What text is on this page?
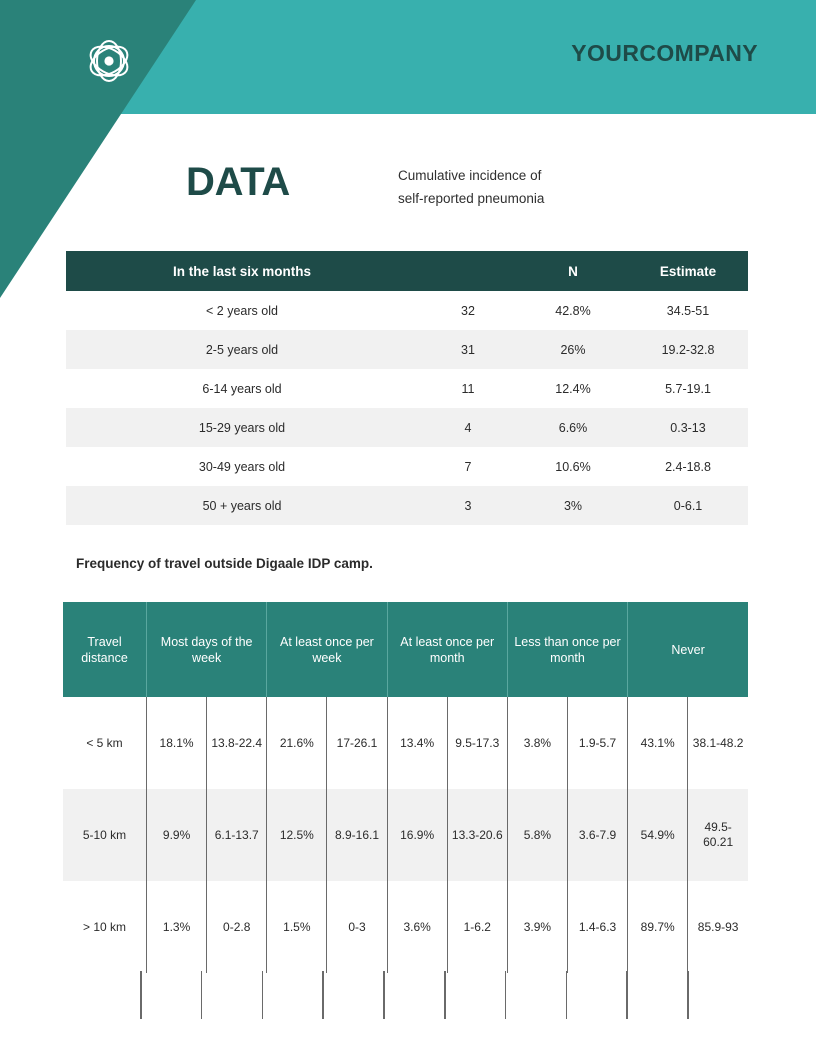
YOURCOMPANY
DATA	Cumulative incidence of
self-reported pneumonia
In the last six months		N	Estimate
< 2 years old	32	42.8%	34.5-51
2-5 years old	31	26%	19.2-32.8
6-14 years old	11	12.4%	5.7-19.1
15-29 years old	4	6.6%	0.3-13
30-49 years old	7	10.6%	2.4-18.8
50 + years old	3	3%	0-6.1
Frequency of travel outside Digaale IDP camp.
Travel distance	Most days of the week		At least once per week		At least once per month		Less than once per month		Never	
< 5 km	18.1%	13.8-22.4	21.6%	17-26.1	13.4%	9.5-17.3	3.8%	1.9-5.7	43.1%	38.1-48.2
5-10 km	9.9%	6.1-13.7	12.5%	8.9-16.1	16.9%	13.3-20.6	5.8%	3.6-7.9	54.9%	49.5-60.21
> 10 km	1.3%	0-2.8	1.5%	0-3	3.6%	1-6.2	3.9%	1.4-6.3	89.7%	85.9-93
